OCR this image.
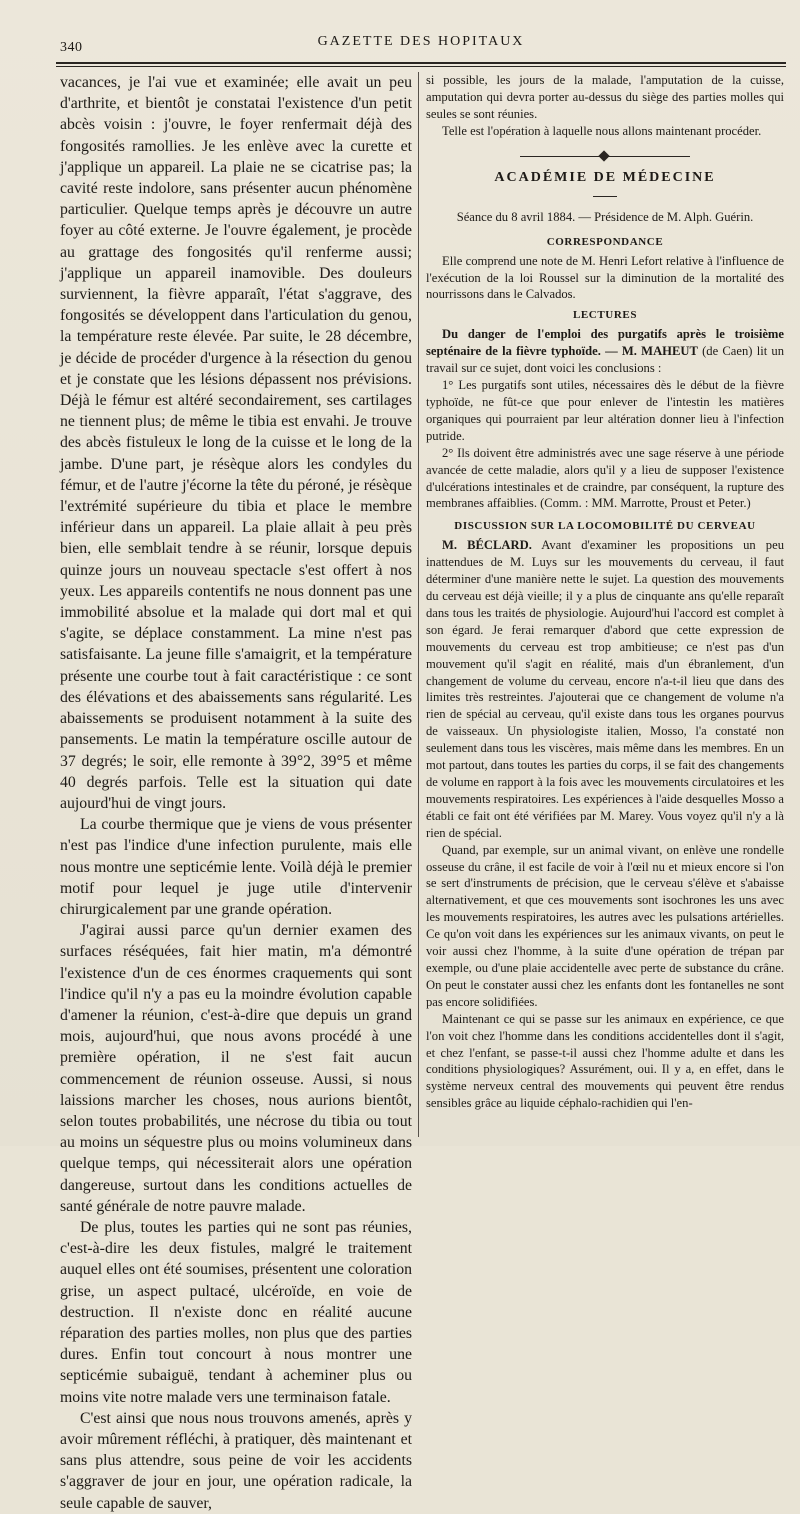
340	GAZETTE DES HOPITAUX

vacances, je l'ai vue et examinée; elle avait un peu d'arthrite, et bientôt je constatai l'existence d'un petit abcès voisin : j'ouvre, le foyer renfermait déjà des fongosités ramollies. Je les enlève avec la curette et j'applique un appareil. La plaie ne se cicatrise pas; la cavité reste indolore, sans présenter aucun phénomène particulier. Quelque temps après je découvre un autre foyer au côté externe. Je l'ouvre également, je procède au grattage des fongosités qu'il renferme aussi; j'applique un appareil inamovible. Des douleurs surviennent, la fièvre apparaît, l'état s'aggrave, des fongosités se développent dans l'articulation du genou, la température reste élevée. Par suite, le 28 décembre, je décide de procéder d'urgence à la résection du genou et je constate que les lésions dépassent nos prévisions. Déjà le fémur est altéré secondairement, ses cartilages ne tiennent plus; de même le tibia est envahi. Je trouve des abcès fistuleux le long de la cuisse et le long de la jambe. D'une part, je résèque alors les condyles du fémur, et de l'autre j'écorne la tête du péroné, je résèque l'extrémité supérieure du tibia et place le membre inférieur dans un appareil. La plaie allait à peu près bien, elle semblait tendre à se réunir, lorsque depuis quinze jours un nouveau spectacle s'est offert à nos yeux. Les appareils contentifs ne nous donnent pas une immobilité absolue et la malade qui dort mal et qui s'agite, se déplace constamment. La mine n'est pas satisfaisante. La jeune fille s'amaigrit, et la température présente une courbe tout à fait caractéristique : ce sont des élévations et des abaissements sans régularité. Les abaissements se produisent notamment à la suite des pansements. Le matin la température oscille autour de 37 degrés; le soir, elle remonte à 39°2, 39°5 et même 40 degrés parfois. Telle est la situation qui date aujourd'hui de vingt jours.

La courbe thermique que je viens de vous présenter n'est pas l'indice d'une infection purulente, mais elle nous montre une septicémie lente. Voilà déjà le premier motif pour lequel je juge utile d'intervenir chirurgicalement par une grande opération.

J'agirai aussi parce qu'un dernier examen des surfaces réséquées, fait hier matin, m'a démontré l'existence d'un de ces énormes craquements qui sont l'indice qu'il n'y a pas eu la moindre évolution capable d'amener la réunion, c'est-à-dire que depuis un grand mois, aujourd'hui, que nous avons procédé à une première opération, il ne s'est fait aucun commencement de réunion osseuse. Aussi, si nous laissions marcher les choses, nous aurions bientôt, selon toutes probabilités, une nécrose du tibia ou tout au moins un séquestre plus ou moins volumineux dans quelque temps, qui nécessiterait alors une opération dangereuse, surtout dans les conditions actuelles de santé générale de notre pauvre malade.

De plus, toutes les parties qui ne sont pas réunies, c'est-à-dire les deux fistules, malgré le traitement auquel elles ont été soumises, présentent une coloration grise, un aspect pultacé, ulcéroïde, en voie de destruction. Il n'existe donc en réalité aucune réparation des parties molles, non plus que des parties dures. Enfin tout concourt à nous montrer une septicémie subaiguë, tendant à acheminer plus ou moins vite notre malade vers une terminaison fatale.

C'est ainsi que nous nous trouvons amenés, après y avoir mûrement réfléchi, à pratiquer, dès maintenant et sans plus attendre, sous peine de voir les accidents s'aggraver de jour en jour, une opération radicale, la seule capable de sauver,

si possible, les jours de la malade, l'amputation de la cuisse, amputation qui devra porter au-dessus du siège des parties molles qui seules se sont réunies.

Telle est l'opération à laquelle nous allons maintenant procéder.

ACADÉMIE DE MÉDECINE
Séance du 8 avril 1884. — Présidence de M. Alph. Guérin.
CORRESPONDANCE

Elle comprend une note de M. Henri Lefort relative à l'influence de l'exécution de la loi Roussel sur la diminution de la mortalité des nourrissons dans le Calvados.

LECTURES

Du danger de l'emploi des purgatifs après le troisième septénaire de la fièvre typhoïde. — M. MAHEUT (de Caen) lit un travail sur ce sujet, dont voici les conclusions :

1° Les purgatifs sont utiles, nécessaires dès le début de la fièvre typhoïde, ne fût-ce que pour enlever de l'intestin les matières organiques qui pourraient par leur altération donner lieu à l'infection putride.

2° Ils doivent être administrés avec une sage réserve à une période avancée de cette maladie, alors qu'il y a lieu de supposer l'existence d'ulcérations intestinales et de craindre, par conséquent, la rupture des membranes affaiblies. (Comm. : MM. Marrotte, Proust et Peter.)

DISCUSSION SUR LA LOCOMOBILITÉ DU CERVEAU

M. BÉCLARD. Avant d'examiner les propositions un peu inattendues de M. Luys sur les mouvements du cerveau, il faut déterminer d'une manière nette le sujet. La question des mouvements du cerveau est déjà vieille; il y a plus de cinquante ans qu'elle reparaît dans tous les traités de physiologie. Aujourd'hui l'accord est complet à son égard. Je ferai remarquer d'abord que cette expression de mouvements du cerveau est trop ambitieuse; ce n'est pas d'un mouvement qu'il s'agit en réalité, mais d'un ébranlement, d'un changement de volume du cerveau, encore n'a-t-il lieu que dans des limites très restreintes. J'ajouterai que ce changement de volume n'a rien de spécial au cerveau, qu'il existe dans tous les organes pourvus de vaisseaux. Un physiologiste italien, Mosso, l'a constaté non seulement dans tous les viscères, mais même dans les membres. En un mot partout, dans toutes les parties du corps, il se fait des changements de volume en rapport à la fois avec les mouvements circulatoires et les mouvements respiratoires. Les expériences à l'aide desquelles Mosso a établi ce fait ont été vérifiées par M. Marey. Vous voyez qu'il n'y a là rien de spécial.

Quand, par exemple, sur un animal vivant, on enlève une rondelle osseuse du crâne, il est facile de voir à l'œil nu et mieux encore si l'on se sert d'instruments de précision, que le cerveau s'élève et s'abaisse alternativement, et que ces mouvements sont isochrones les uns avec les mouvements respiratoires, les autres avec les pulsations artérielles. Ce qu'on voit dans les expériences sur les animaux vivants, on peut le voir aussi chez l'homme, à la suite d'une opération de trépan par exemple, ou d'une plaie accidentelle avec perte de substance du crâne. On peut le constater aussi chez les enfants dont les fontanelles ne sont pas encore solidifiées.

Maintenant ce qui se passe sur les animaux en expérience, ce que l'on voit chez l'homme dans les conditions accidentelles dont il s'agit, et chez l'enfant, se passe-t-il aussi chez l'homme adulte et dans les conditions physiologiques? Assurément, oui. Il y a, en effet, dans le système nerveux central des mouvements qui peuvent être rendus sensibles grâce au liquide céphalo-rachidien qui l'en-
